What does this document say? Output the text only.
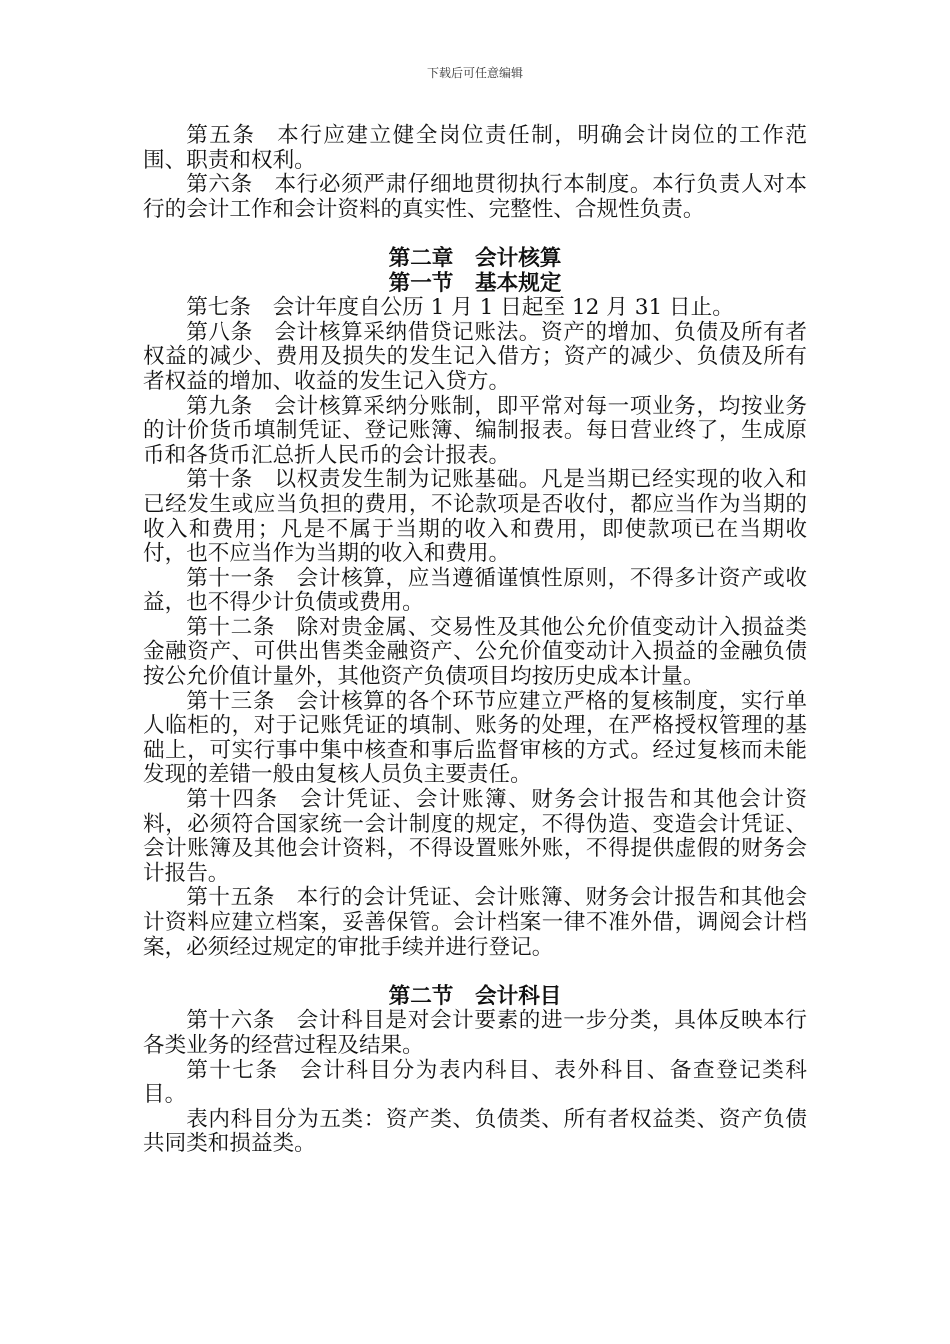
下载后可任意编辑

第五条 本行应建立健全岗位责任制，明确会计岗位的工作范围、职责和权利。

第六条 本行必须严肃仔细地贯彻执行本制度。本行负责人对本行的会计工作和会计资料的真实性、完整性、合规性负责。

第二章 会计核算

第一节 基本规定

第七条 会计年度自公历 1 月 1 日起至 12 月 31 日止。

第八条 会计核算采纳借贷记账法。资产的增加、负债及所有者权益的减少、费用及损失的发生记入借方；资产的减少、负债及所有者权益的增加、收益的发生记入贷方。

第九条 会计核算采纳分账制，即平常对每一项业务，均按业务的计价货币填制凭证、登记账簿、编制报表。每日营业终了，生成原币和各货币汇总折人民币的会计报表。

第十条 以权责发生制为记账基础。凡是当期已经实现的收入和已经发生或应当负担的费用，不论款项是否收付，都应当作为当期的收入和费用；凡是不属于当期的收入和费用，即使款项已在当期收付，也不应当作为当期的收入和费用。

第十一条 会计核算，应当遵循谨慎性原则，不得多计资产或收益，也不得少计负债或费用。

第十二条 除对贵金属、交易性及其他公允价值变动计入损益类金融资产、可供出售类金融资产、公允价值变动计入损益的金融负债按公允价值计量外，其他资产负债项目均按历史成本计量。

第十三条 会计核算的各个环节应建立严格的复核制度，实行单人临柜的，对于记账凭证的填制、账务的处理，在严格授权管理的基础上，可实行事中集中核查和事后监督审核的方式。经过复核而未能发现的差错一般由复核人员负主要责任。

第十四条 会计凭证、会计账簿、财务会计报告和其他会计资料，必须符合国家统一会计制度的规定，不得伪造、变造会计凭证、会计账簿及其他会计资料，不得设置账外账，不得提供虚假的财务会计报告。

第十五条 本行的会计凭证、会计账簿、财务会计报告和其他会计资料应建立档案，妥善保管。会计档案一律不准外借，调阅会计档案，必须经过规定的审批手续并进行登记。

第二节 会计科目

第十六条 会计科目是对会计要素的进一步分类，具体反映本行各类业务的经营过程及结果。

第十七条 会计科目分为表内科目、表外科目、备查登记类科目。

表内科目分为五类：资产类、负债类、所有者权益类、资产负债共同类和损益类。
